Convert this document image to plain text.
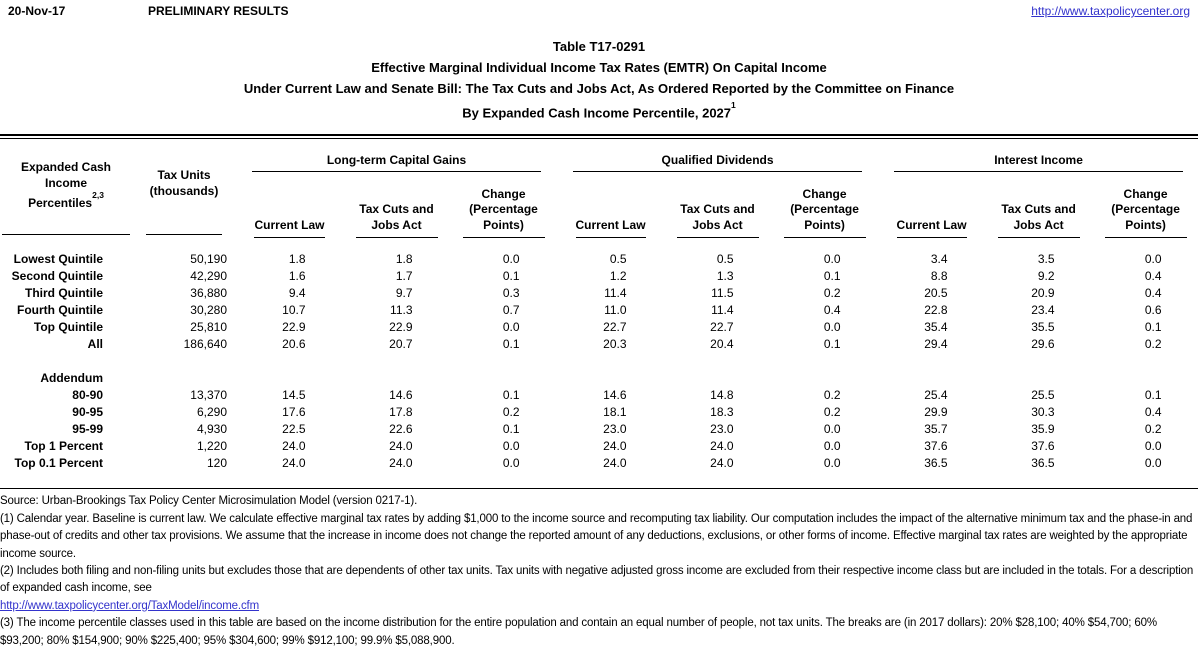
20-Nov-17	PRELIMINARY RESULTS	http://www.taxpolicycenter.org
Table T17-0291
Effective Marginal Individual Income Tax Rates (EMTR) On Capital Income
Under Current Law and Senate Bill: The Tax Cuts and Jobs Act, As Ordered Reported by the Committee on Finance
By Expanded Cash Income Percentile, 2027$^1$
Expanded Cash Income
Percentiles$^{2,3}$

Tax Units
(thousands)

Long-term Capital Gains	Qualified Dividends	Interest Income

		Current Law	Tax Cuts and Jobs Act	Change (Percentage Points)	Current Law	Tax Cuts and Jobs Act	Change (Percentage Points)	Current Law	Tax Cuts and Jobs Act	Change (Percentage Points)
Lowest Quintile	50,190	1.8	1.8	0.0	0.5	0.5	0.0	3.4	3.5	0.0
Second Quintile	42,290	1.6	1.7	0.1	1.2	1.3	0.1	8.8	9.2	0.4
Third Quintile	36,880	9.4	9.7	0.3	11.4	11.5	0.2	20.5	20.9	0.4
Fourth Quintile	30,280	10.7	11.3	0.7	11.0	11.4	0.4	22.8	23.4	0.6
Top Quintile	25,810	22.9	22.9	0.0	22.7	22.7	0.0	35.4	35.5	0.1
All	186,640	20.6	20.7	0.1	20.3	20.4	0.1	29.4	29.6	0.2

Addendum										
80-90	13,370	14.5	14.6	0.1	14.6	14.8	0.2	25.4	25.5	0.1
90-95	6,290	17.6	17.8	0.2	18.1	18.3	0.2	29.9	30.3	0.4
95-99	4,930	22.5	22.6	0.1	23.0	23.0	0.0	35.7	35.9	0.2
Top 1 Percent	1,220	24.0	24.0	0.0	24.0	24.0	0.0	37.6	37.6	0.0
Top 0.1 Percent	120	24.0	24.0	0.0	24.0	24.0	0.0	36.5	36.5	0.0

Source: Urban-Brookings Tax Policy Center Microsimulation Model (version 0217-1).

(1) Calendar year. Baseline is current law. We calculate effective marginal tax rates by adding $1,000 to the income source and recomputing tax liability. Our computation includes the impact of the alternative minimum tax and the phase-in and phase-out of credits and other tax provisions. We assume that the increase in income does not change the reported amount of any deductions, exclusions, or other forms of income. Effective marginal tax rates are weighted by the appropriate income source.

(2) Includes both filing and non-filing units but excludes those that are dependents of other tax units. Tax units with negative adjusted gross income are excluded from their respective income class but are included in the totals. For a description of expanded cash income, see

http://www.taxpolicycenter.org/TaxModel/income.cfm

(3) The income percentile classes used in this table are based on the income distribution for the entire population and contain an equal number of people, not tax units. The breaks are (in 2017 dollars): 20% $28,100; 40% $54,700; 60% $93,200; 80% $154,900; 90% $225,400; 95% $304,600; 99% $912,100; 99.9% $5,088,900.
